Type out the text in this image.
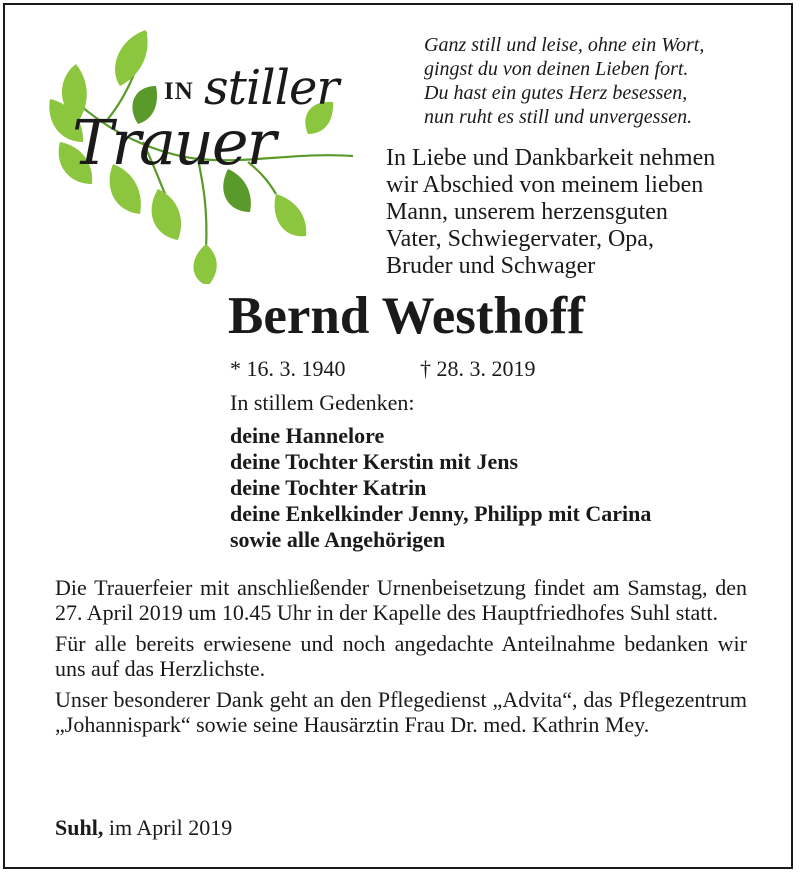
IN stiller
Trauer
Ganz still und leise, ohne ein Wort,
gingst du von deinen Lieben fort.
Du hast ein gutes Herz besessen,
nun ruht es still und unvergessen.
In Liebe und Dankbarkeit nehmen
wir Abschied von meinem lieben
Mann, unserem herzensguten
Vater, Schwiegervater, Opa,
Bruder und Schwager
Bernd Westhoff
* 16. 3. 1940	† 28. 3. 2019
In stillem Gedenken:
deine Hannelore
deine Tochter Kerstin mit Jens
deine Tochter Katrin
deine Enkelkinder Jenny, Philipp mit Carina
sowie alle Angehörigen

Die Trauerfeier mit anschließender Urnenbeisetzung findet am Samstag, den 27. April 2019 um 10.45 Uhr in der Kapelle des Hauptfriedhofes Suhl statt.

Für alle bereits erwiesene und noch angedachte Anteilnahme bedanken wir uns auf das Herzlichste.

Unser besonderer Dank geht an den Pflegedienst „Advita“, das Pflegezentrum „Johannispark“ sowie seine Hausärztin Frau Dr. med. Kathrin Mey.

Suhl, im April 2019
